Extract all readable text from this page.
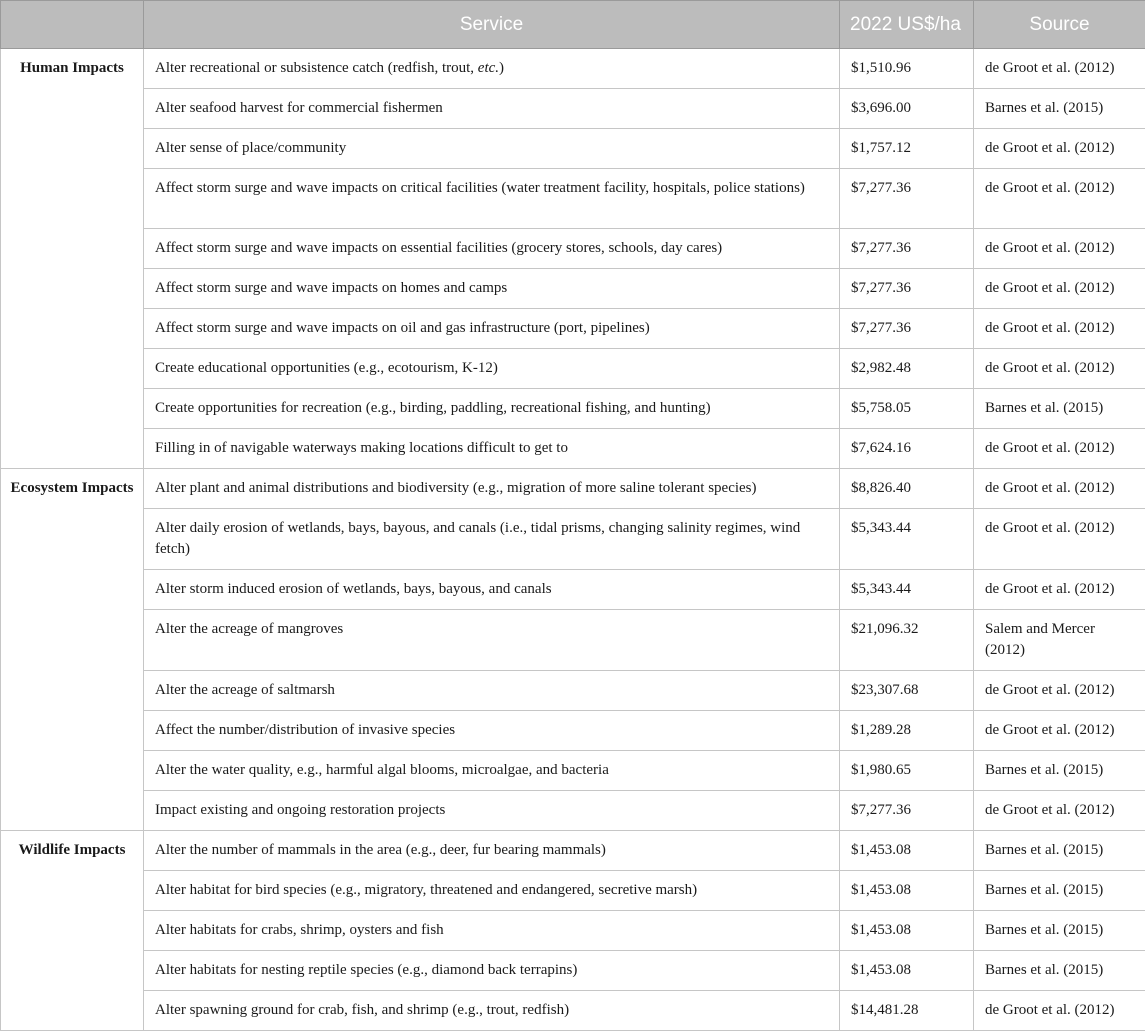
	Service	2022 US$/ha	Source
Human Impacts	Alter recreational or subsistence catch (redfish, trout, etc.)	$1,510.96	de Groot et al. (2012)
	Alter seafood harvest for commercial fishermen	$3,696.00	Barnes et al. (2015)
	Alter sense of place/community	$1,757.12	de Groot et al. (2012)
	Affect storm surge and wave impacts on critical facilities (water treatment facility, hospitals, police stations)	$7,277.36	de Groot et al. (2012)
	Affect storm surge and wave impacts on essential facilities (grocery stores, schools, day cares)	$7,277.36	de Groot et al. (2012)
	Affect storm surge and wave impacts on homes and camps	$7,277.36	de Groot et al. (2012)
	Affect storm surge and wave impacts on oil and gas infrastructure (port, pipelines)	$7,277.36	de Groot et al. (2012)
	Create educational opportunities (e.g., ecotourism, K-12)	$2,982.48	de Groot et al. (2012)
	Create opportunities for recreation (e.g., birding, paddling, recreational fishing, and hunting)	$5,758.05	Barnes et al. (2015)
	Filling in of navigable waterways making locations difficult to get to	$7,624.16	de Groot et al. (2012)
Ecosystem Impacts	Alter plant and animal distributions and biodiversity (e.g., migration of more saline tolerant species)	$8,826.40	de Groot et al. (2012)
	Alter daily erosion of wetlands, bays, bayous, and canals (i.e., tidal prisms, changing salinity regimes, wind fetch)	$5,343.44	de Groot et al. (2012)
	Alter storm induced erosion of wetlands, bays, bayous, and canals	$5,343.44	de Groot et al. (2012)
	Alter the acreage of mangroves	$21,096.32	Salem and Mercer (2012)
	Alter the acreage of saltmarsh	$23,307.68	de Groot et al. (2012)
	Affect the number/distribution of invasive species	$1,289.28	de Groot et al. (2012)
	Alter the water quality, e.g., harmful algal blooms, microalgae, and bacteria	$1,980.65	Barnes et al. (2015)
	Impact existing and ongoing restoration projects	$7,277.36	de Groot et al. (2012)
Wildlife Impacts	Alter the number of mammals in the area (e.g., deer, fur bearing mammals)	$1,453.08	Barnes et al. (2015)
	Alter habitat for bird species (e.g., migratory, threatened and endangered, secretive marsh)	$1,453.08	Barnes et al. (2015)
	Alter habitats for crabs, shrimp, oysters and fish	$1,453.08	Barnes et al. (2015)
	Alter habitats for nesting reptile species (e.g., diamond back terrapins)	$1,453.08	Barnes et al. (2015)
	Alter spawning ground for crab, fish, and shrimp (e.g., trout, redfish)	$14,481.28	de Groot et al. (2012)
